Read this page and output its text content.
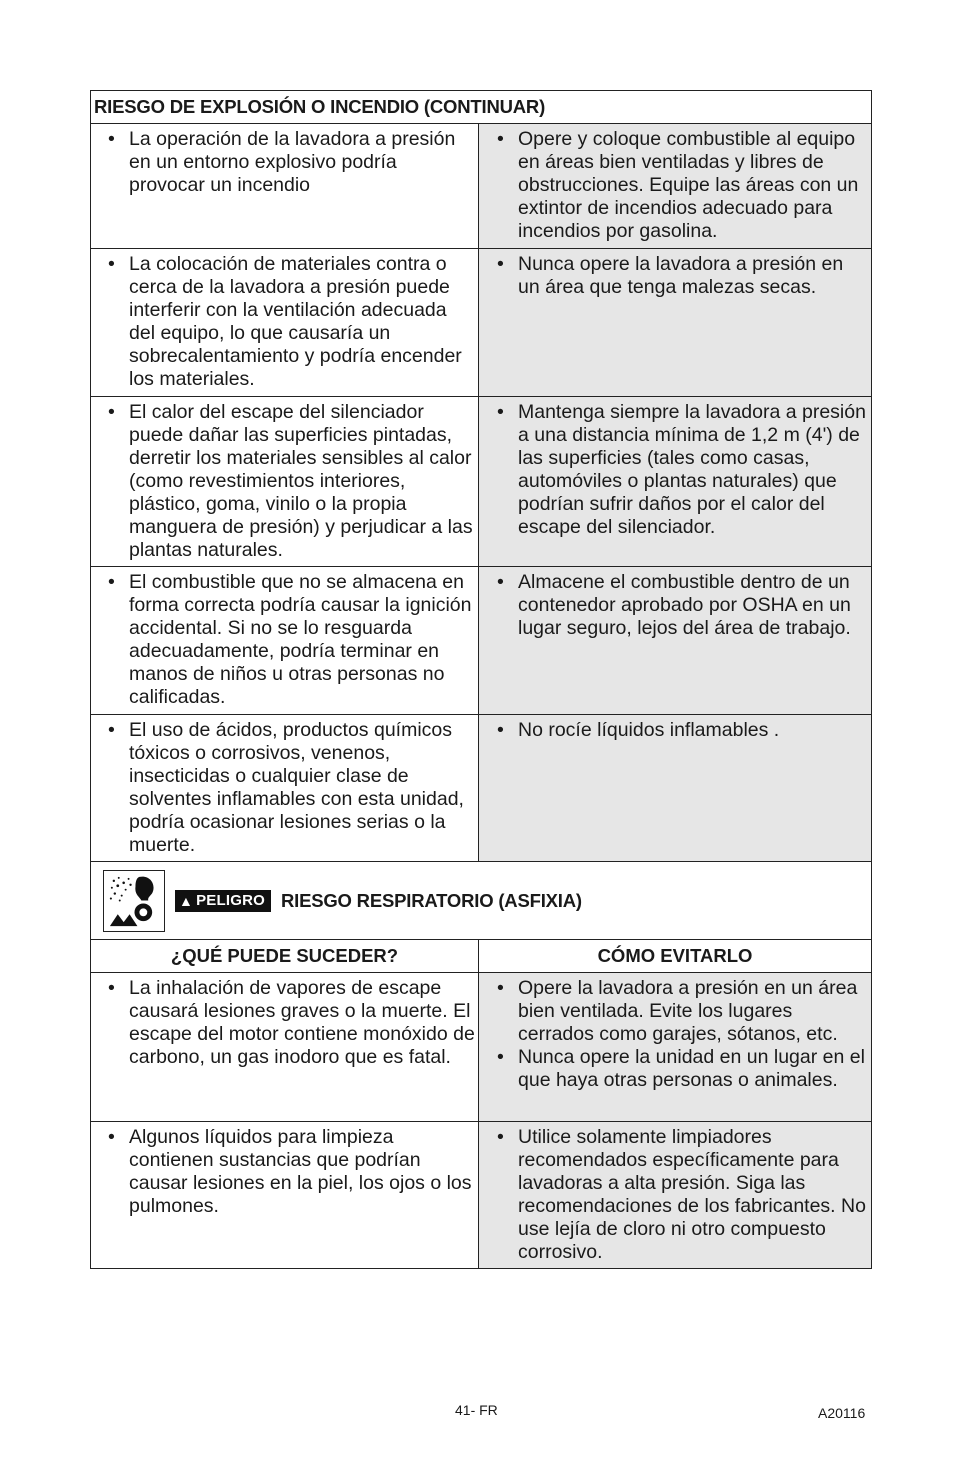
RIESGO DE EXPLOSIÓN O INCENDIO (CONTINUAR)
• La operación de la lavadora a presión en un entorno explosivo podría provocar un incendio
• Opere y coloque combustible al equipo en áreas bien ventiladas y libres de obstrucciones. Equipe las áreas con un extintor de incendios adecuado para incendios por gasolina.
• La colocación de materiales contra o cerca de la lavadora a presión puede interferir con la ventilación adecuada del equipo, lo que causaría un sobrecalentamiento y podría encender los materiales.
• Nunca opere la lavadora a presión en un área que tenga malezas secas.
• El calor del escape del silenciador puede dañar las superficies pintadas, derretir los materiales sensibles al calor (como revestimientos interiores, plástico, goma, vinilo o la propia manguera de presión) y perjudicar a las plantas naturales.
• Mantenga siempre la lavadora a presión a una distancia mínima de 1,2 m (4') de las superficies (tales como casas, automóviles o plantas naturales) que podrían sufrir daños por el calor del escape del silenciador.
• El combustible que no se almacena en forma correcta podría causar la ignición accidental. Si no se lo resguarda adecuadamente, podría terminar en manos de niños u otras personas no calificadas.
• Almacene el combustible dentro de un contenedor aprobado por OSHA en un lugar seguro, lejos del área de trabajo.
• El uso de ácidos, productos químicos tóxicos o corrosivos, venenos, insecticidas o cualquier clase de solventes inflamables con esta unidad, podría ocasionar lesiones serias o la muerte.
• No rocíe líquidos inflamables .
▲ PELIGRO RIESGO RESPIRATORIO (ASFIXIA)
¿QUÉ PUEDE SUCEDER?	CÓMO EVITARLO
• La inhalación de vapores de escape causará lesiones graves o la muerte. El escape del motor contiene monóxido de carbono, un gas inodoro que es fatal.
• Opere la lavadora a presión en un área bien ventilada. Evite los lugares cerrados como garajes, sótanos, etc.
• Nunca opere la unidad en un lugar en el que haya otras personas o animales.
• Algunos líquidos para limpieza contienen sustancias que podrían causar lesiones en la piel, los ojos o los pulmones.
• Utilice solamente limpiadores recomendados específicamente para lavadoras a alta presión. Siga las recomendaciones de los fabricantes. No use lejía de cloro ni otro compuesto corrosivo.
41- FR	A20116
